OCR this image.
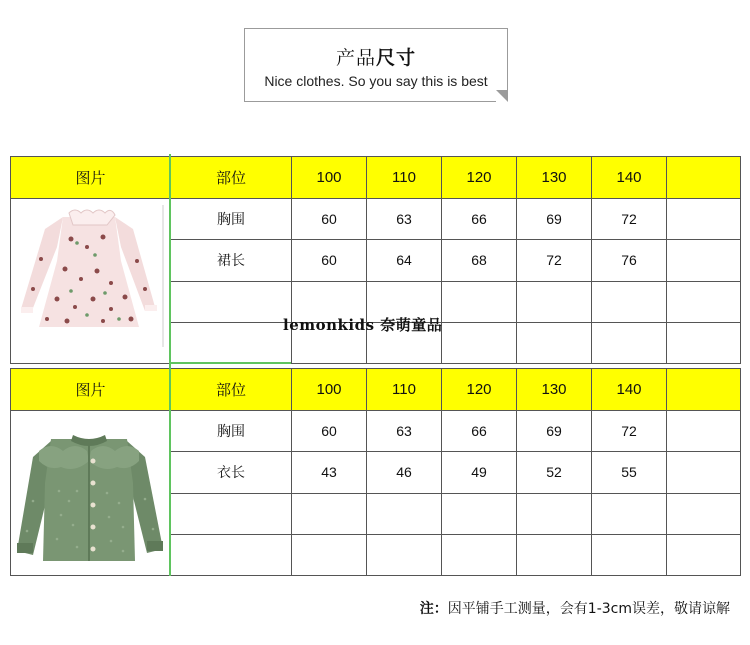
产品尺寸
Nice clothes. So you say this is best
图片	部位	100	110	120	130	140	
	胸围	60	63	66	69	72	
	裙长	60	64	68	72	76	

图片	部位	100	110	120	130	140	
	胸围	60	63	66	69	72	
	衣长	43	46	49	52	55	

lemonkids 奈萌童品
注：因平铺手工测量，会有1-3cm误差，敬请谅解
